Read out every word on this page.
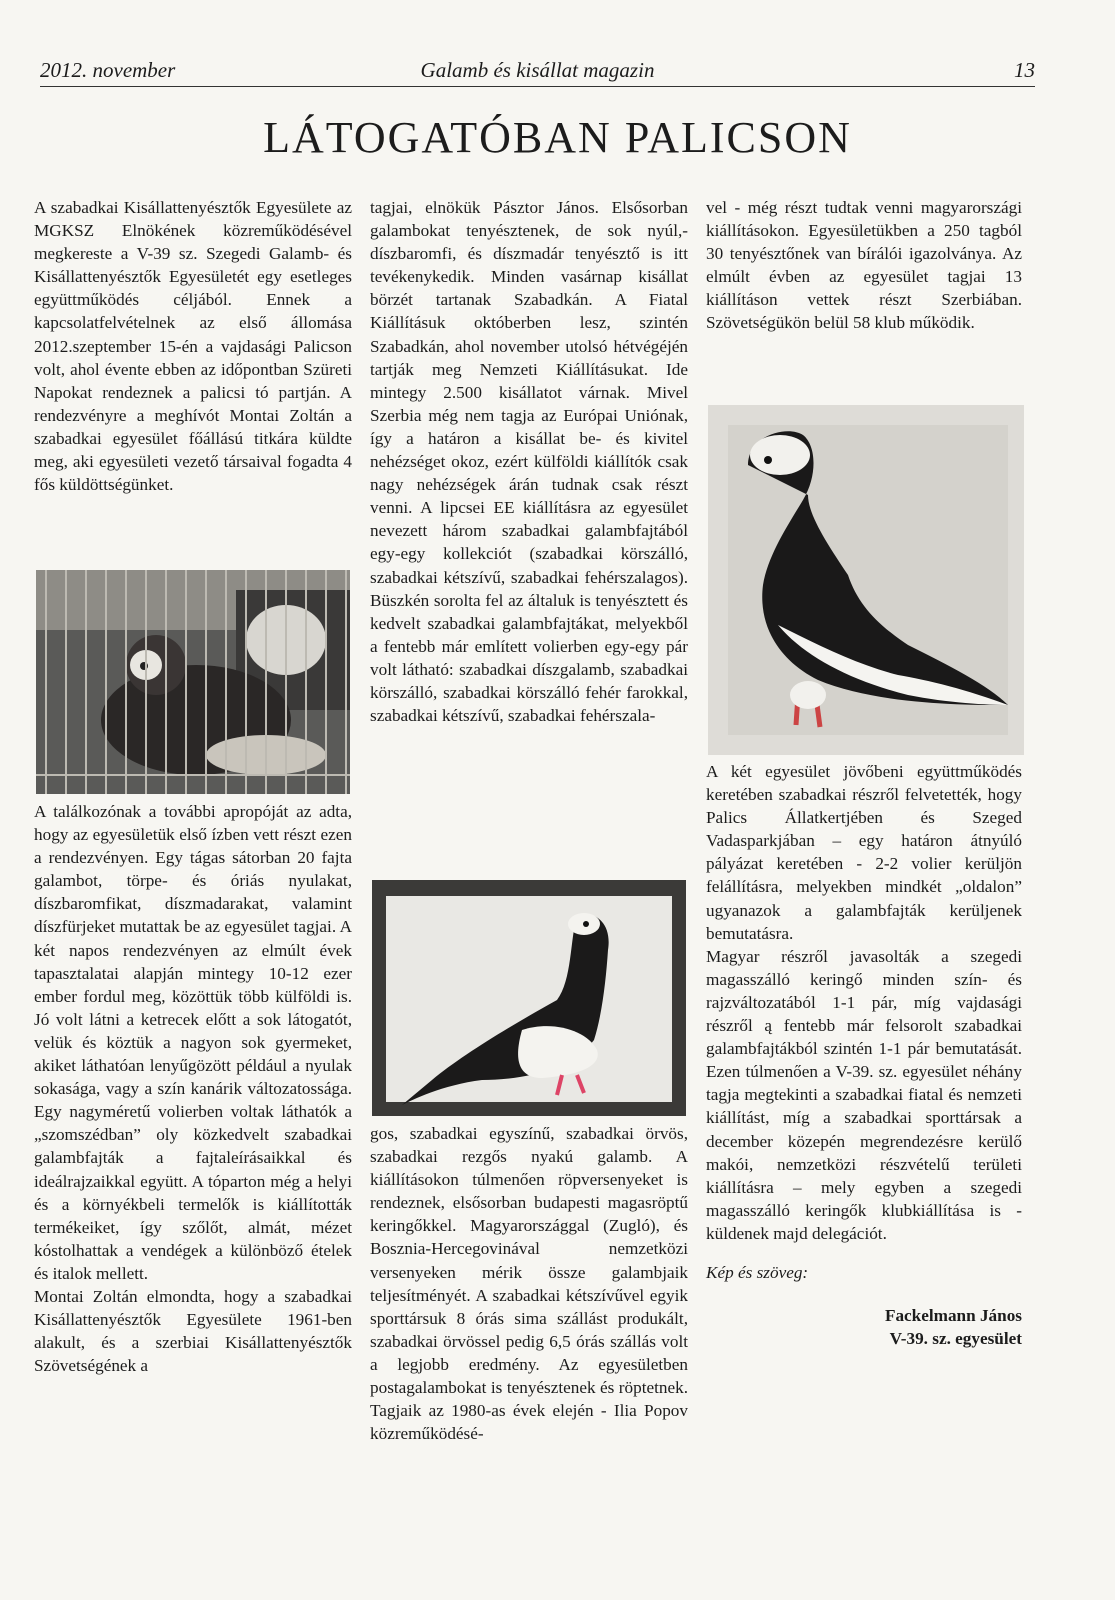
2012. november	Galamb és kisállat magazin	13
LÁTOGATÓBAN PALICSON

A szabadkai Kisállattenyésztők Egyesülete az MGKSZ Elnökének közreműködésével megkereste a V-39 sz. Szegedi Galamb- és Kisállattenyésztők Egyesületét egy esetleges együttműködés céljából. Ennek a kapcsolatfelvételnek az első állomása 2012.szeptember 15-én a vajdasági Palicson volt, ahol évente ebben az időpontban Szüreti Napokat rendeznek a palicsi tó partján. A rendezvényre a meghívót Montai Zoltán a szabadkai egyesület főállású titkára küldte meg, aki egyesületi vezető társaival fogadta 4 fős küldöttségünket.

A találkozónak a további apropóját az adta, hogy az egyesületük első ízben vett részt ezen a rendezvényen. Egy tágas sátorban 20 fajta galambot, törpe- és óriás nyulakat, díszbaromfikat, díszmadarakat, valamint díszfürjeket mutattak be az egyesület tagjai. A két napos rendezvényen az elmúlt évek tapasztalatai alapján mintegy 10-12 ezer ember fordul meg, közöttük több külföldi is. Jó volt látni a ketrecek előtt a sok látogatót, velük és köztük a nagyon sok gyermeket, akiket láthatóan lenyűgözött például a nyulak sokasága, vagy a szín kanárik változatossága. Egy nagyméretű volierben voltak láthatók a „szomszédban” oly közkedvelt szabadkai galambfajták a fajtaleírásaikkal és ideálrajzaikkal együtt. A tóparton még a helyi és a környékbeli termelők is kiállították termékeiket, így szőlőt, almát, mézet kóstolhattak a vendégek a különböző ételek és italok mellett.

Montai Zoltán elmondta, hogy a szabadkai Kisállattenyésztők Egyesülete 1961-ben alakult, és a szerbiai Kisállattenyésztők Szövetségének a

tagjai, elnökük Pásztor János. Elsősorban galambokat tenyésztenek, de sok nyúl,- díszbaromfi, és díszmadár tenyésztő is itt tevékenykedik. Minden vasárnap kisállat börzét tartanak Szabadkán. A Fiatal Kiállításuk októberben lesz, szintén Szabadkán, ahol november utolsó hétvégéjén tartják meg Nemzeti Kiállításukat. Ide mintegy 2.500 kisállatot várnak. Mivel Szerbia még nem tagja az Európai Uniónak, így a határon a kisállat be- és kivitel nehézséget okoz, ezért külföldi kiállítók csak nagy nehézségek árán tudnak csak részt venni. A lipcsei EE kiállításra az egyesület nevezett három szabadkai galambfajtából egy-egy kollekciót (szabadkai körszálló, szabadkai kétszívű, szabadkai fehérszalagos). Büszkén sorolta fel az általuk is tenyésztett és kedvelt szabadkai galambfajtákat, melyekből a fentebb már említett volierben egy-egy pár volt látható: szabadkai díszgalamb, szabadkai körszálló, szabadkai körszálló fehér farokkal, szabadkai kétszívű, szabadkai fehérszala-

gos, szabadkai egyszínű, szabadkai örvös, szabadkai rezgős nyakú galamb. A kiállításokon túlmenően röpversenyeket is rendeznek, elsősorban budapesti magasröptű keringőkkel. Magyarországgal (Zugló), és Bosznia-Hercegovinával nemzetközi versenyeken mérik össze galambjaik teljesítményét. A szabadkai kétszívűvel egyik sporttársuk 8 órás sima szállást produkált, szabadkai örvössel pedig 6,5 órás szállás volt a legjobb eredmény. Az egyesületben postagalambokat is tenyésztenek és röptetnek. Tagjaik az 1980-as évek elején - Ilia Popov közreműködésé-

vel - még részt tudtak venni magyarországi kiállításokon. Egyesületükben a 250 tagból 30 tenyésztőnek van bírálói igazolványa. Az elmúlt évben az egyesület tagjai 13 kiállításon vettek részt Szerbiában. Szövetségükön belül 58 klub működik.

A két egyesület jövőbeni együttműködés keretében szabadkai részről felvetették, hogy Palics Állatkertjében és Szeged Vadasparkjában – egy határon átnyúló pályázat keretében - 2-2 volier kerüljön felállításra, melyekben mindkét „oldalon” ugyanazok a galambfajták kerüljenek bemutatásra.

Magyar részről javasolták a szegedi magasszálló keringő minden szín- és rajzváltozatából 1-1 pár, míg vajdasági részről ą fentebb már felsorolt szabadkai galambfajtákból szintén 1-1 pár bemutatását. Ezen túlmenően a V-39. sz. egyesület néhány tagja megtekinti a szabadkai fiatal és nemzeti kiállítást, míg a szabadkai sporttársak a december közepén megrendezésre kerülő makói, nemzetközi részvételű területi kiállításra – mely egyben a szegedi magasszálló keringők klubkiállítása is - küldenek majd delegációt.

Kép és szöveg:

Fackelmann János

V-39. sz. egyesület
